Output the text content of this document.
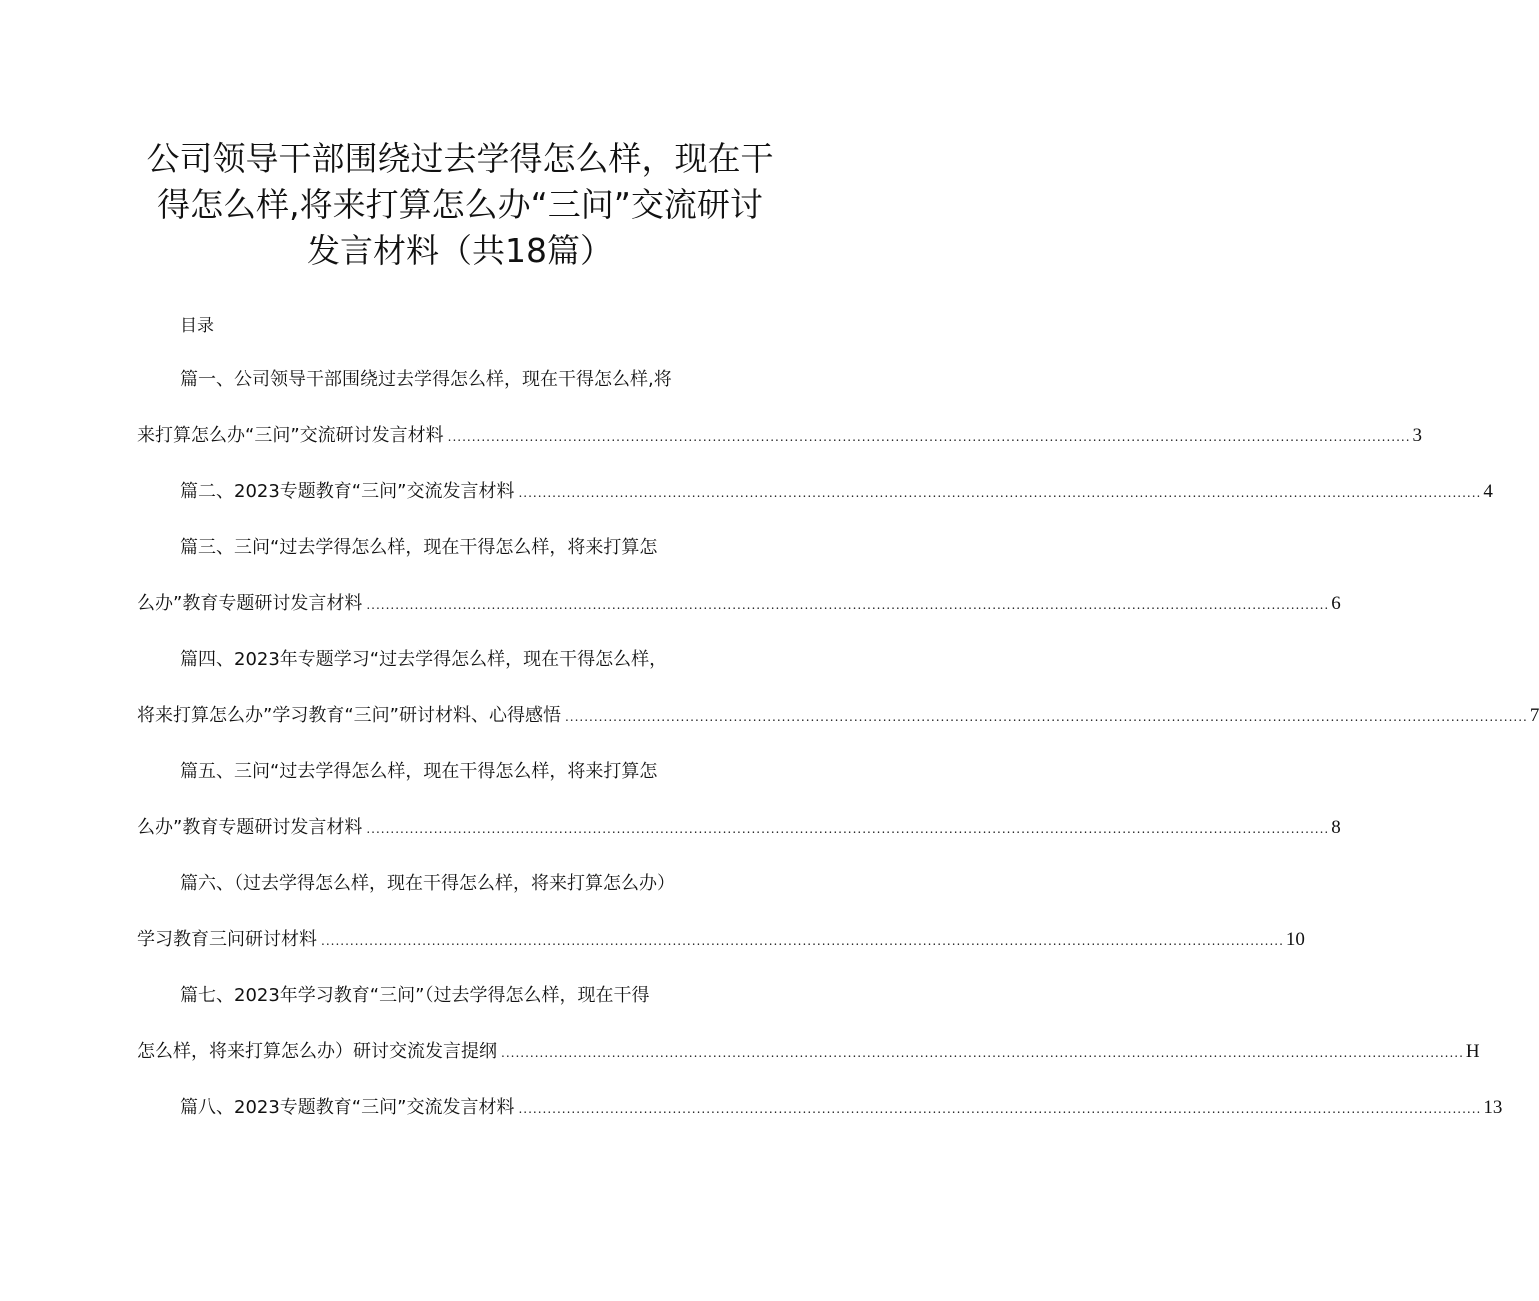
公司领导干部围绕过去学得怎么样，现在干
得怎么样,将来打算怎么办“三问”交流研讨
发言材料（共18篇）
目录
篇一、公司领导干部围绕过去学得怎么样，现在干得怎么样,将
来打算怎么办“三问”交流研讨发言材料 ........................................................................................................................................................................................................ 3
篇二、2023专题教育“三问”交流发言材料 ........................................................................................................................................................................................................ 4
篇三、三问“过去学得怎么样，现在干得怎么样，将来打算怎
么办”教育专题研讨发言材料 ........................................................................................................................................................................................................ 6
篇四、2023年专题学习“过去学得怎么样，现在干得怎么样，
将来打算怎么办”学习教育“三问”研讨材料、心得感悟 ........................................................................................................................................................................................................ 7
篇五、三问“过去学得怎么样，现在干得怎么样，将来打算怎
么办”教育专题研讨发言材料 ........................................................................................................................................................................................................ 8
篇六、（过去学得怎么样，现在干得怎么样，将来打算怎么办）
学习教育三问研讨材料 ........................................................................................................................................................................................................ 10
篇七、2023年学习教育“三问”（过去学得怎么样，现在干得
怎么样，将来打算怎么办）研讨交流发言提纲 ........................................................................................................................................................................................................ H
篇八、2023专题教育“三问”交流发言材料 ........................................................................................................................................................................................................ 13
